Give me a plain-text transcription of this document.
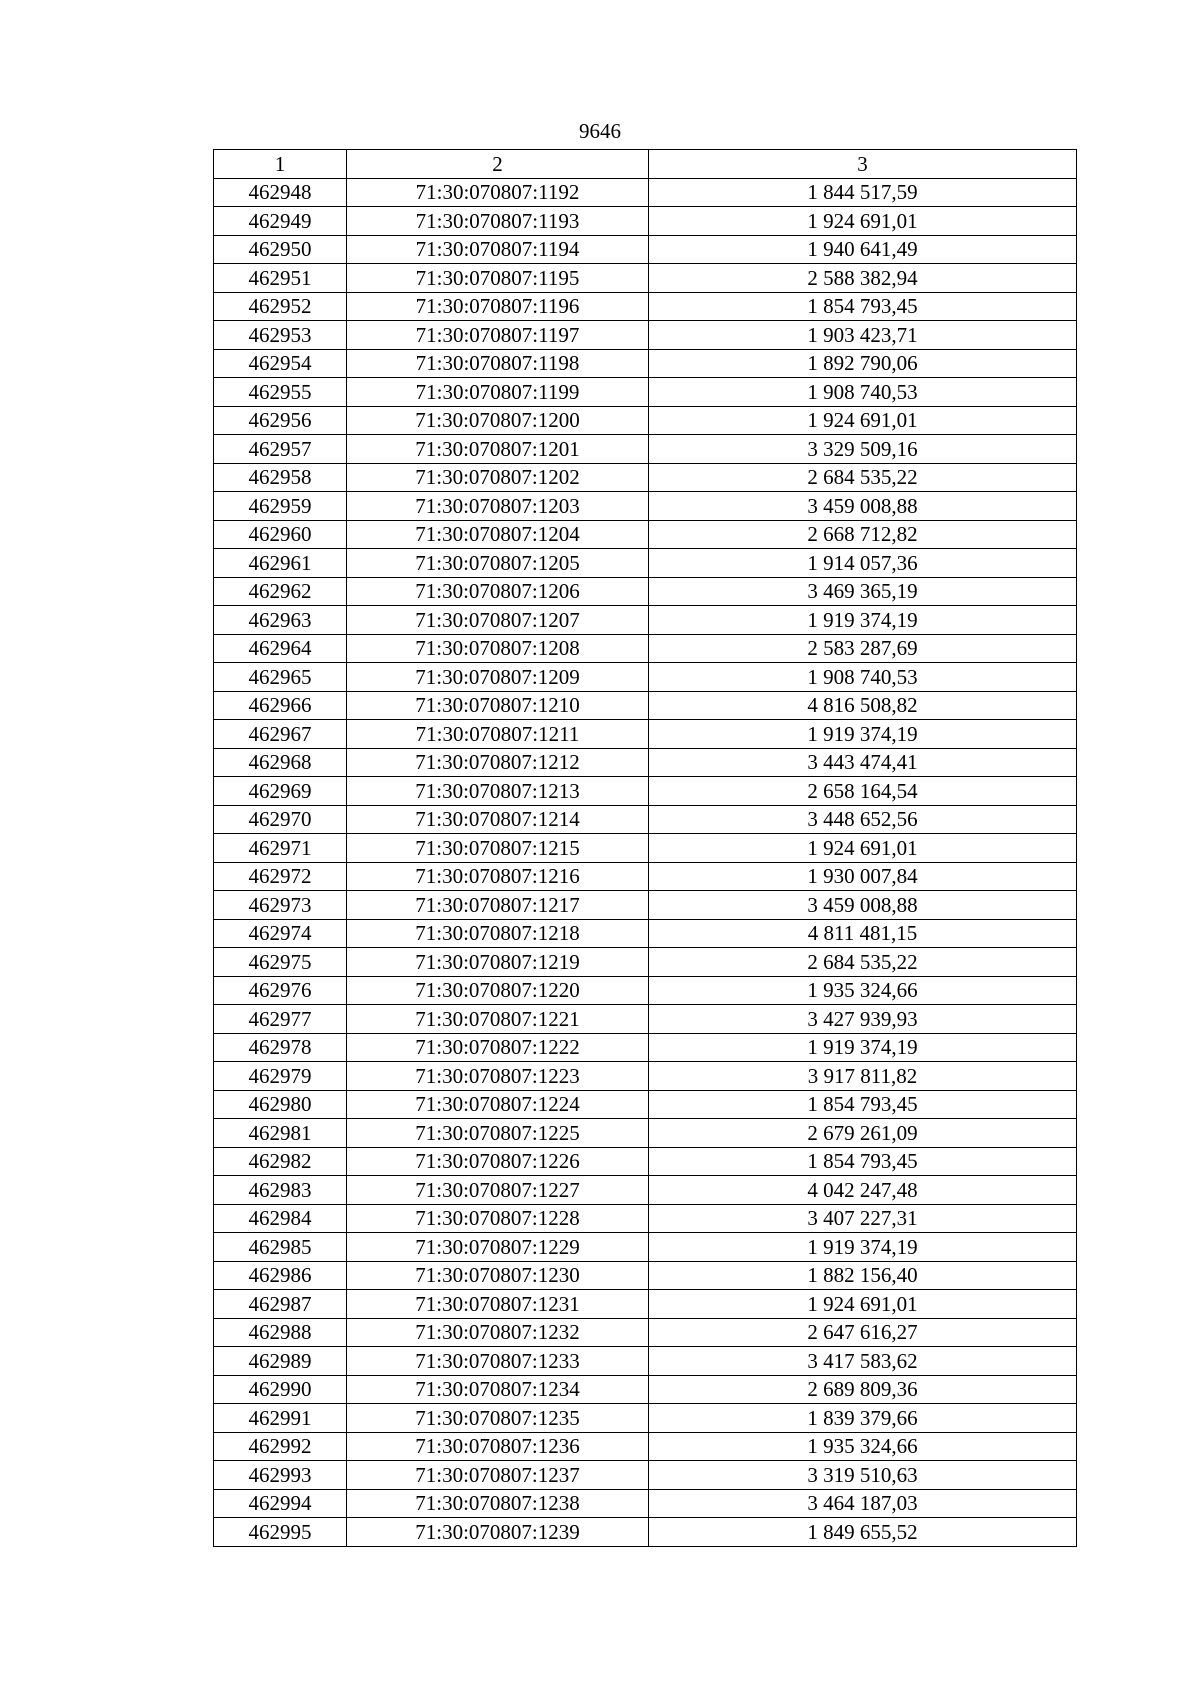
9646
1	2	3
462948	71:30:070807:1192	1 844 517,59
462949	71:30:070807:1193	1 924 691,01
462950	71:30:070807:1194	1 940 641,49
462951	71:30:070807:1195	2 588 382,94
462952	71:30:070807:1196	1 854 793,45
462953	71:30:070807:1197	1 903 423,71
462954	71:30:070807:1198	1 892 790,06
462955	71:30:070807:1199	1 908 740,53
462956	71:30:070807:1200	1 924 691,01
462957	71:30:070807:1201	3 329 509,16
462958	71:30:070807:1202	2 684 535,22
462959	71:30:070807:1203	3 459 008,88
462960	71:30:070807:1204	2 668 712,82
462961	71:30:070807:1205	1 914 057,36
462962	71:30:070807:1206	3 469 365,19
462963	71:30:070807:1207	1 919 374,19
462964	71:30:070807:1208	2 583 287,69
462965	71:30:070807:1209	1 908 740,53
462966	71:30:070807:1210	4 816 508,82
462967	71:30:070807:1211	1 919 374,19
462968	71:30:070807:1212	3 443 474,41
462969	71:30:070807:1213	2 658 164,54
462970	71:30:070807:1214	3 448 652,56
462971	71:30:070807:1215	1 924 691,01
462972	71:30:070807:1216	1 930 007,84
462973	71:30:070807:1217	3 459 008,88
462974	71:30:070807:1218	4 811 481,15
462975	71:30:070807:1219	2 684 535,22
462976	71:30:070807:1220	1 935 324,66
462977	71:30:070807:1221	3 427 939,93
462978	71:30:070807:1222	1 919 374,19
462979	71:30:070807:1223	3 917 811,82
462980	71:30:070807:1224	1 854 793,45
462981	71:30:070807:1225	2 679 261,09
462982	71:30:070807:1226	1 854 793,45
462983	71:30:070807:1227	4 042 247,48
462984	71:30:070807:1228	3 407 227,31
462985	71:30:070807:1229	1 919 374,19
462986	71:30:070807:1230	1 882 156,40
462987	71:30:070807:1231	1 924 691,01
462988	71:30:070807:1232	2 647 616,27
462989	71:30:070807:1233	3 417 583,62
462990	71:30:070807:1234	2 689 809,36
462991	71:30:070807:1235	1 839 379,66
462992	71:30:070807:1236	1 935 324,66
462993	71:30:070807:1237	3 319 510,63
462994	71:30:070807:1238	3 464 187,03
462995	71:30:070807:1239	1 849 655,52
